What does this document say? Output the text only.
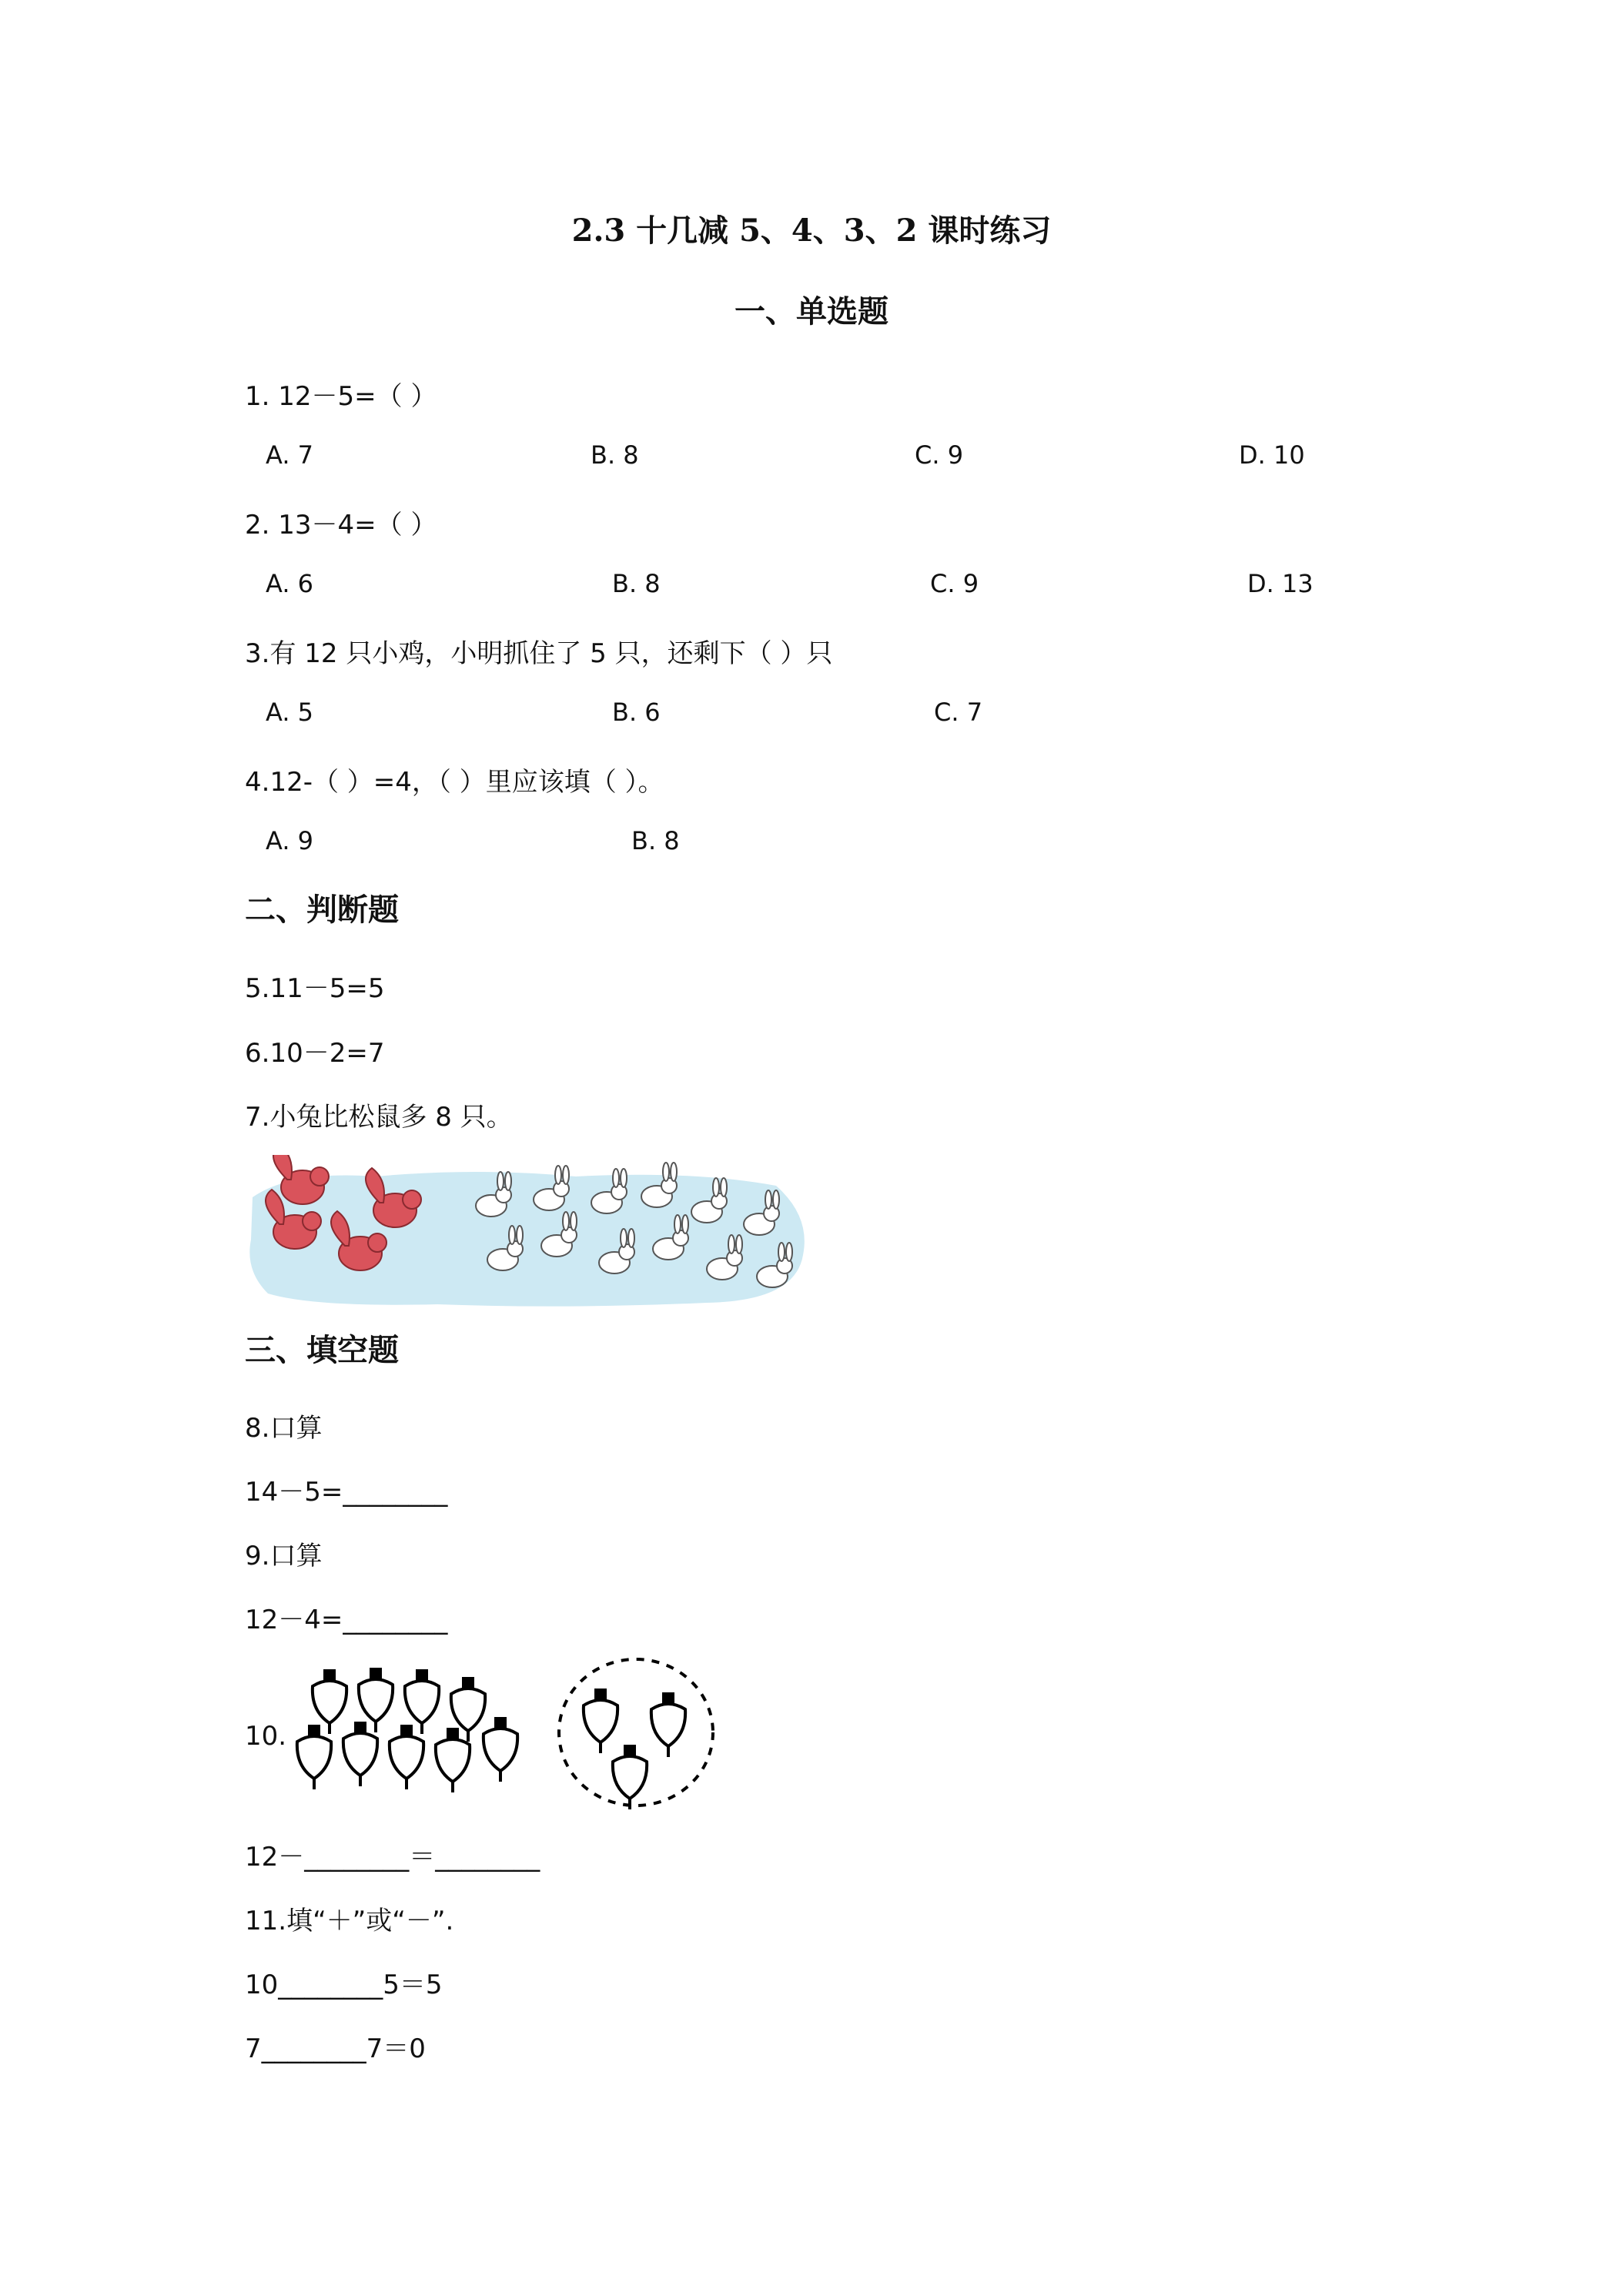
2.3 十几减 5、4、3、2 课时练习
一、单选题
1. 12－5=（ ）
A. 7	B. 8	C. 9	D. 10
2. 13－4=（ ）
A. 6	B. 8	C. 9	D. 13
3.有 12 只小鸡，小明抓住了 5 只，还剩下（ ）只
A. 5	B. 6	C. 7
4.12-（ ）=4，（ ）里应该填（ ）。
A. 9	B. 8
二、判断题
5.11－5=5
6.10－2=7
7.小兔比松鼠多 8 只。
三、填空题
8.口算
14－5=________
9.口算
12－4=________
10.
12－________＝________
11.填“＋”或“－”.
10________5＝5
7________7＝0
